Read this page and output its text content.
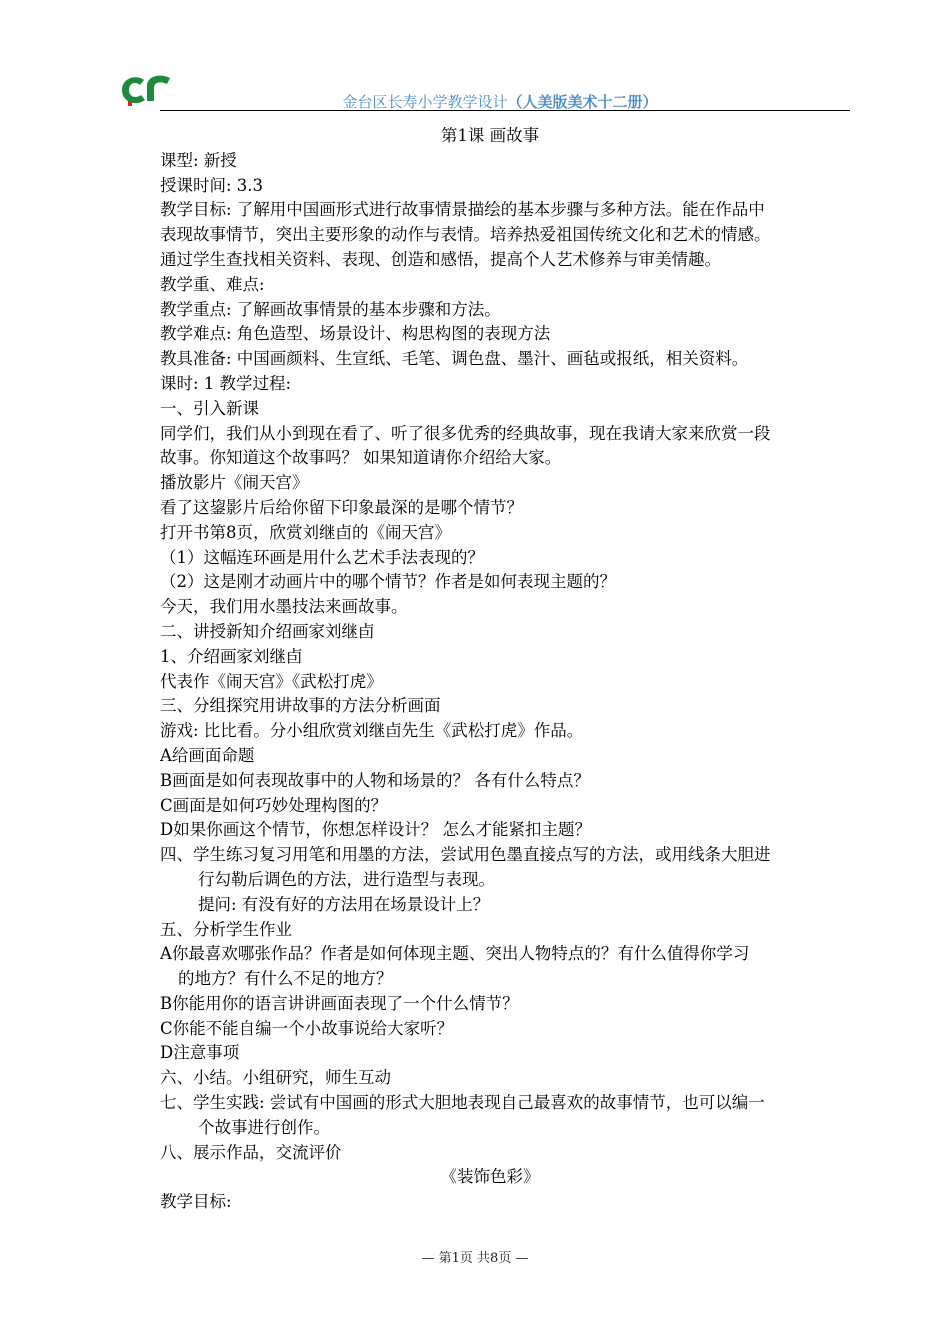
金台区长寿小学教学设计（人美版美术十二册）
第1课 画故事
课型: 新授
授课时间: 3.3
教学目标: 了解用中国画形式进行故事情景描绘的基本步骤与多种方法。能在作品中
表现故事情节，突出主要形象的动作与表情。培养热爱祖国传统文化和艺术的情感。
通过学生查找相关资料、表现、创造和感悟，提高个人艺术修养与审美情趣。
教学重、难点:
教学重点: 了解画故事情景的基本步骤和方法。
教学难点: 角色造型、场景设计、构思构图的表现方法
教具准备: 中国画颜料、生宣纸、毛笔、调色盘、墨汁、画毡或报纸，相关资料。
课时: 1 教学过程:
一、引入新课
同学们，我们从小到现在看了、听了很多优秀的经典故事，现在我请大家来欣赏一段
故事。你知道这个故事吗？ 如果知道请你介绍给大家。
播放影片《闹天宫》
看了这鋆影片后给你留下印象最深的是哪个情节？
打开书第8页，欣赏刘继卣的《闹天宫》
（1）这幅连环画是用什么艺术手法表现的？
（2）这是刚才动画片中的哪个情节？作者是如何表现主题的？
今天，我们用水墨技法来画故事。
二、讲授新知介绍画家刘继卣
1、介绍画家刘继卣
代表作《闹天宫》《武松打虎》
三、分组探究用讲故事的方法分析画面
游戏: 比比看。分小组欣赏刘继卣先生《武松打虎》作品。
A给画面命题
B画面是如何表现故事中的人物和场景的？ 各有什么特点？
C画面是如何巧妙处理构图的？
D如果你画这个情节，你想怎样设计？ 怎么才能紧扣主题？
四、学生练习复习用笔和用墨的方法，尝试用色墨直接点写的方法，或用线条大胆进
行勾勒后调色的方法，进行造型与表现。
提问: 有没有好的方法用在场景设计上？
五、分析学生作业
A你最喜欢哪张作品？作者是如何体现主题、突出人物特点的？有什么值得你学习
的地方？有什么不足的地方？
B你能用你的语言讲讲画面表现了一个什么情节？
C你能不能自编一个小故事说给大家听？
D注意事项
六、小结。小组研究，师生互动
七、学生实践: 尝试有中国画的形式大胆地表现自己最喜欢的故事情节，也可以编一
个故事进行创作。
八、展示作品，交流评价
《装饰色彩》
教学目标:
— 第1页 共8页 —
